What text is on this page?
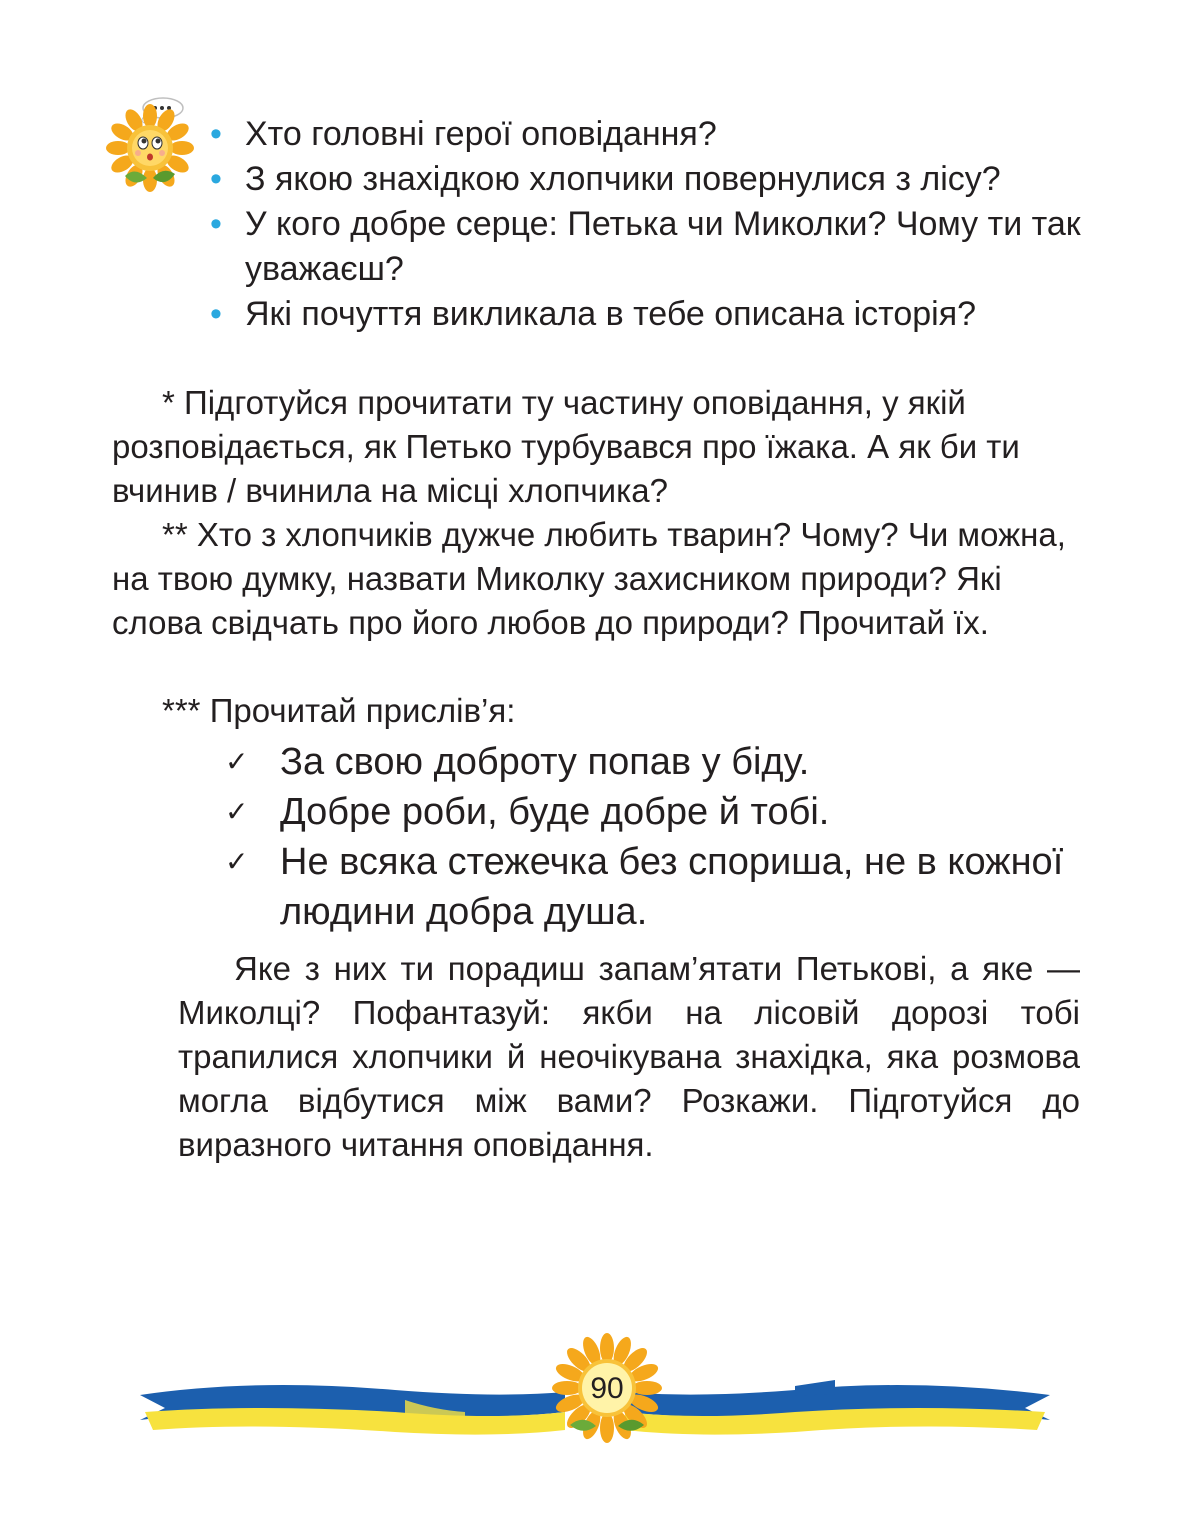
• Хто головні герої оповідання?
• З якою знахідкою хлопчики повернулися з лісу?
• У кого добре серце: Петька чи Миколки? Чому ти так уважаєш?
• Які почуття викликала в тебе описана історія?

* Підготуйся прочитати ту частину оповідання, у якій розповідається, як Петько турбувався про їжака. А як би ти вчинив / вчинила на місці хлопчика?

** Хто з хлопчиків дужче любить тварин? Чому? Чи можна, на твою думку, назвати Миколку захисником природи? Які слова свідчать про його любов до природи? Прочитай їх.

*** Прочитай прислів’я:

✓ За свою доброту попав у біду.
✓ Добре роби, буде добре й тобі.
✓ Не всяка стежечка без спориша, не в кожної людини добра душа.

Яке з них ти порадиш запам’ятати Петькові, а яке — Миколці? Пофантазуй: якби на лісовій дорозі тобі трапилися хлопчики й неочікувана знахідка, яка розмова могла відбутися між вами? Розкажи. Підготуйся до виразного читання оповідання.

90
